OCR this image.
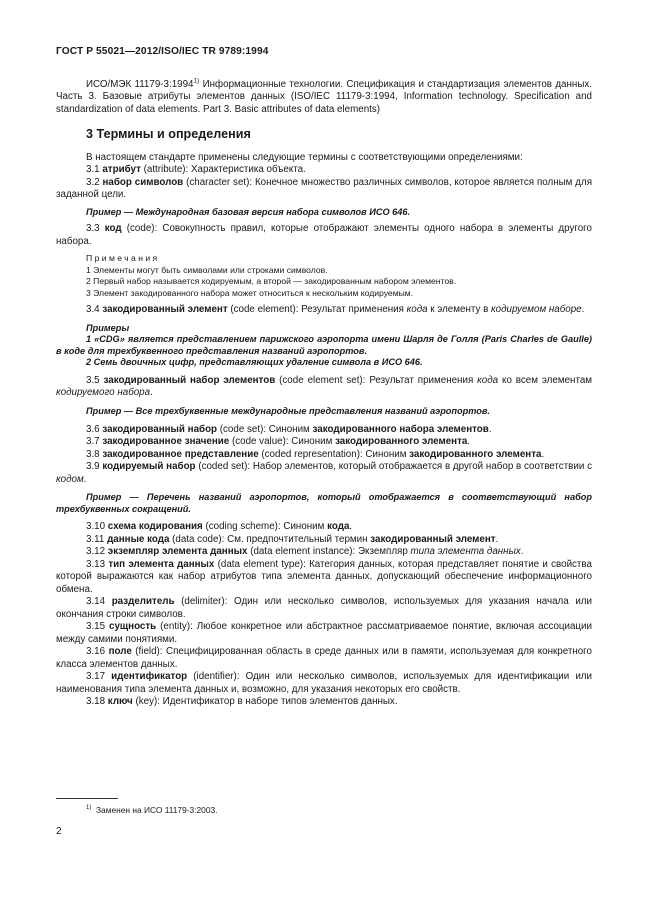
ГОСТ Р 55021—2012/ISO/IEC TR 9789:1994

ИСО/МЭК 11179-3:1994$^{1)}$ Информационные технологии. Спецификация и стандартизация элементов данных. Часть 3. Базовые атрибуты элементов данных (ISO/IEC 11179-3:1994, Information technology. Specification and standardization of data elements. Part 3. Basic attributes of data elements)

3 Термины и определения

В настоящем стандарте применены следующие термины с соответствующими определениями:

3.1 атрибут (attribute): Характеристика объекта.

3.2 набор символов (character set): Конечное множество различных символов, которое является полным для заданной цели.

Пример — Международная базовая версия набора символов ИСО 646.

3.3 код (code): Совокупность правил, которые отображают элементы одного набора в элементы другого набора.

Примечания

1 Элементы могут быть символами или строками символов.

2 Первый набор называется кодируемым, а второй — закодированным набором элементов.

3 Элемент закодированного набора может относиться к нескольким кодируемым.

3.4 закодированный элемент (code element): Результат применения кода к элементу в кодируемом наборе.

Примеры

1 «CDG» является представлением парижского аэропорта имени Шарля де Голля (Paris Charles de Gaulle) в коде для трехбуквенного представления названий аэропортов.

2 Семь двоичных цифр, представляющих удаление символа в ИСО 646.

3.5 закодированный набор элементов (code element set): Результат применения кода ко всем элементам кодируемого набора.

Пример — Все трехбуквенные международные представления названий аэропортов.

3.6 закодированный набор (code set): Синоним закодированного набора элементов.

3.7 закодированное значение (code value): Синоним закодированного элемента.

3.8 закодированное представление (coded representation): Синоним закодированного элемента.

3.9 кодируемый набор (coded set): Набор элементов, который отображается в другой набор в соответствии с кодом.

Пример — Перечень названий аэропортов, который отображается в соответствующий набор трехбуквенных сокращений.

3.10 схема кодирования (coding scheme): Синоним кода.

3.11 данные кода (data code): См. предпочтительный термин закодированный элемент.

3.12 экземпляр элемента данных (data element instance): Экземпляр типа элемента данных.

3.13 тип элемента данных (data element type): Категория данных, которая представляет понятие и свойства которой выражаются как набор атрибутов типа элемента данных, допускающий обеспечение информационного обмена.

3.14 разделитель (delimiter): Один или несколько символов, используемых для указания начала или окончания строки символов.

3.15 сущность (entity): Любое конкретное или абстрактное рассматриваемое понятие, включая ассоциации между самими понятиями.

3.16 поле (field): Специфицированная область в среде данных или в памяти, используемая для конкретного класса элементов данных.

3.17 идентификатор (identifier): Один или несколько символов, используемых для идентификации или наименования типа элемента данных и, возможно, для указания некоторых его свойств.

3.18 ключ (key): Идентификатор в наборе типов элементов данных.

$^{1)}$ Заменен на ИСО 11179-3:2003.
2
